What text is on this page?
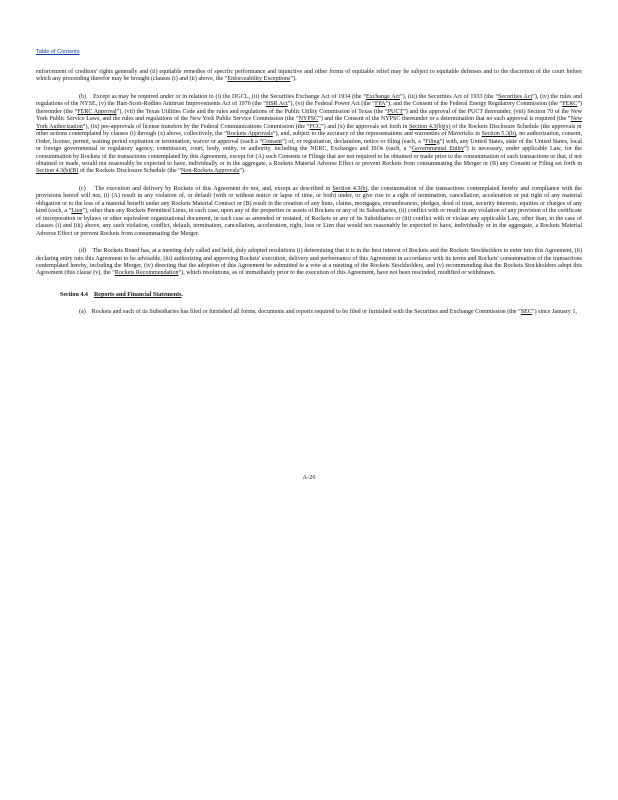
Table of Contents

enforcement of creditors' rights generally and (ii) equitable remedies of specific performance and injunctive and other forms of equitable relief may be subject to equitable defenses and to the discretion of the court before which any proceeding therefor may be brought (clauses (i) and (ii) above, the “Enforceability Exceptions”).

(b)    Except as may be required under or in relation to (i) the DGCL, (ii) the Securities Exchange Act of 1934 (the “Exchange Act”), (iii) the Securities Act of 1933 (the “Securities Act”), (iv) the rules and regulations of the NYSE, (v) the Hart-Scott-Rodino Antitrust Improvements Act of 1976 (the “HSR Act”), (vi) the Federal Power Act (the “FPA”), and the Consent of the Federal Energy Regulatory Commission (the “FERC”) thereunder (the “FERC Approval”), (vii) the Texas Utilities Code and the rules and regulations of the Public Utility Commission of Texas (the “PUCT”) and the approval of the PUCT thereunder, (viii) Section 70 of the New York Public Service Laws, and the rules and regulations of the New York Public Service Commission (the “NYPSC”) and the Consent of the NYPSC thereunder or a determination that no such approval is required (the “New York Authorization”), (ix) pre-approvals of license transfers by the Federal Communications Commission (the “FCC”) and (x) the approvals set forth in Section 4.3(b)(x) of the Rockets Disclosure Schedule (the approvals or other actions contemplated by clauses (i) through (x) above, collectively, the “Rockets Approvals”), and, subject to the accuracy of the representations and warranties of Mavericks in Section 5.3(b), no authorization, consent, Order, license, permit, waiting period expiration or termination, waiver or approval (each a “Consent”) of, or registration, declaration, notice or filing (each, a “Filing”) with, any United States, state of the United States, local or foreign governmental or regulatory agency, commission, court, body, entity, or authority, including the NERC, Exchanges and ISOs (each, a “Governmental Entity”) is necessary, under applicable Law, for the consummation by Rockets of the transactions contemplated by this Agreement, except for (A) such Consents or Filings that are not required to be obtained or made prior to the consummation of such transactions or that, if not obtained or made, would not reasonably be expected to have, individually or in the aggregate, a Rockets Material Adverse Effect or prevent Rockets from consummating the Merger or (B) any Consent or Filing set forth in Section 4.3(b)(B) of the Rockets Disclosure Schedule (the “Non-Rockets Approvals”).

(c)    The execution and delivery by Rockets of this Agreement do not, and, except as described in Section 4.3(b), the consummation of the transactions contemplated hereby and compliance with the provisions hereof will not, (i) (A) result in any violation of, or default (with or without notice or lapse of time, or both) under, or give rise to a right of termination, cancellation, acceleration or put right of any material obligation or to the loss of a material benefit under any Rockets Material Contract or (B) result in the creation of any liens, claims, mortgages, encumbrances, pledges, deed of trust, security interests, equities or charges of any kind (each, a “Lien”), other than any Rockets Permitted Liens, in each case, upon any of the properties or assets of Rockets or any of its Subsidiaries, (ii) conflict with or result in any violation of any provision of the certificate of incorporation or bylaws or other equivalent organizational document, in each case as amended or restated, of Rockets or any of its Subsidiaries or (iii) conflict with or violate any applicable Law, other than, in the case of clauses (i) and (iii) above, any such violation, conflict, default, termination, cancellation, acceleration, right, loss or Lien that would not reasonably be expected to have, individually or in the aggregate, a Rockets Material Adverse Effect or prevent Rockets from consummating the Merger.

(d)    The Rockets Board has, at a meeting duly called and held, duly adopted resolutions (i) determining that it is in the best interest of Rockets and the Rockets Stockholders to enter into this Agreement, (ii) declaring entry into this Agreement to be advisable, (iii) authorizing and approving Rockets' execution, delivery and performance of this Agreement in accordance with its terms and Rockets' consummation of the transactions contemplated hereby, including the Merger, (iv) directing that the adoption of this Agreement be submitted to a vote at a meeting of the Rockets Stockholders, and (v) recommending that the Rockets Stockholders adopt this Agreement (this clause (v), the “Rockets Recommendation”), which resolutions, as of immediately prior to the execution of this Agreement, have not been rescinded, modified or withdrawn.

Section 4.4 Reports and Financial Statements.

(a)    Rockets and each of its Subsidiaries has filed or furnished all forms, documents and reports required to be filed or furnished with the Securities and Exchange Commission (the “SEC”) since January 1,

A-26
